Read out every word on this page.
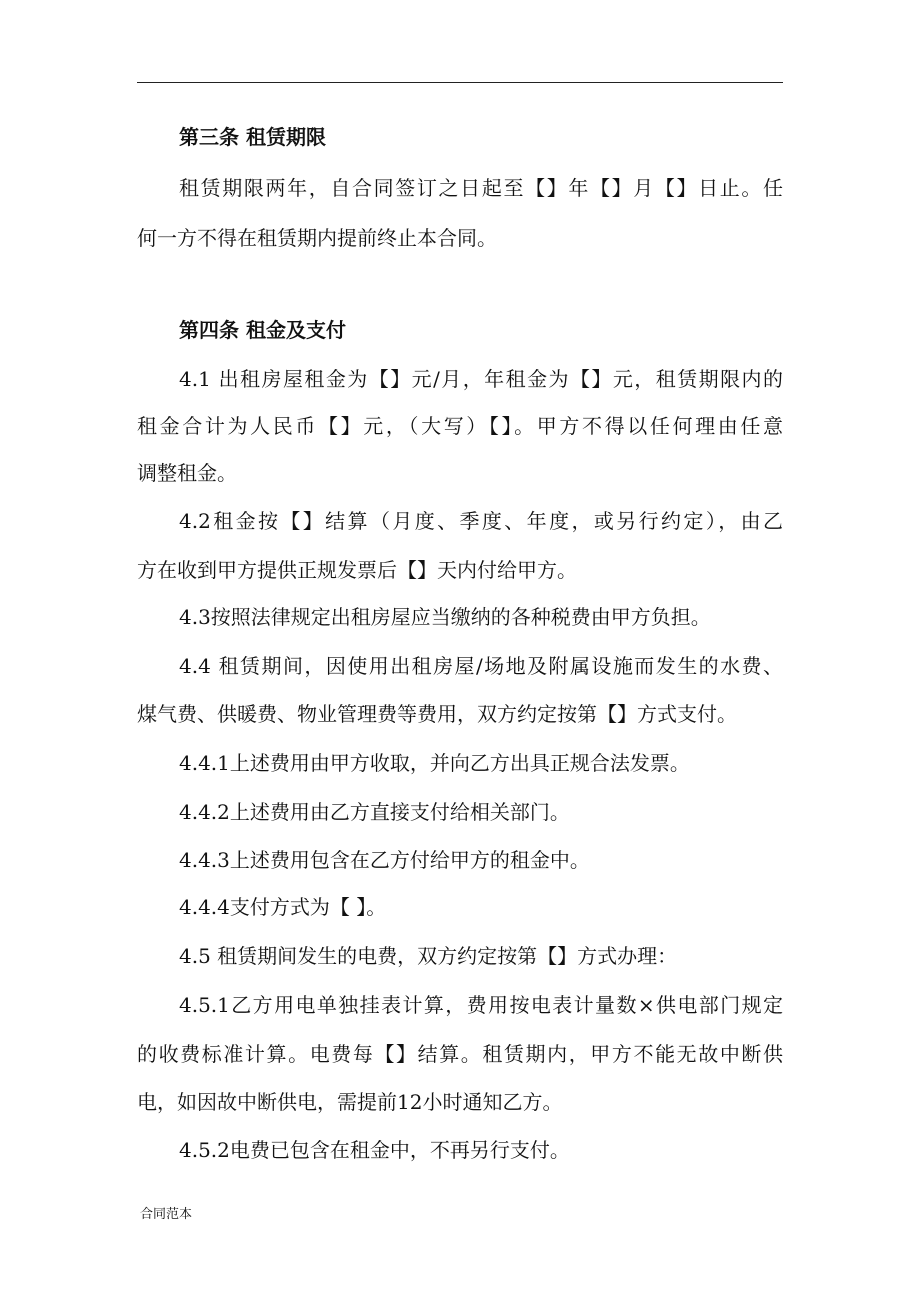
第三条 租赁期限
租赁期限两年，自合同签订之日起至【】年【】月【】日止。任
何一方不得在租赁期内提前终止本合同。
第四条 租金及支付
4.1 出租房屋租金为【】元/月，年租金为【】元，租赁期限内的
租金合计为人民币【】元，（大写）【】。甲方不得以任何理由任意
调整租金。
4.2租金按【】结算（月度、季度、年度，或另行约定），由乙
方在收到甲方提供正规发票后【】天内付给甲方。
4.3按照法律规定出租房屋应当缴纳的各种税费由甲方负担。
4.4 租赁期间，因使用出租房屋/场地及附属设施而发生的水费、
煤气费、供暖费、物业管理费等费用，双方约定按第【】方式支付。
4.4.1上述费用由甲方收取，并向乙方出具正规合法发票。
4.4.2上述费用由乙方直接支付给相关部门。
4.4.3上述费用包含在乙方付给甲方的租金中。
4.4.4支付方式为【 】。
4.5 租赁期间发生的电费，双方约定按第【】方式办理：
4.5.1乙方用电单独挂表计算，费用按电表计量数×供电部门规定
的收费标准计算。电费每【】结算。租赁期内，甲方不能无故中断供
电，如因故中断供电，需提前12小时通知乙方。
4.5.2电费已包含在租金中，不再另行支付。
合同范本
